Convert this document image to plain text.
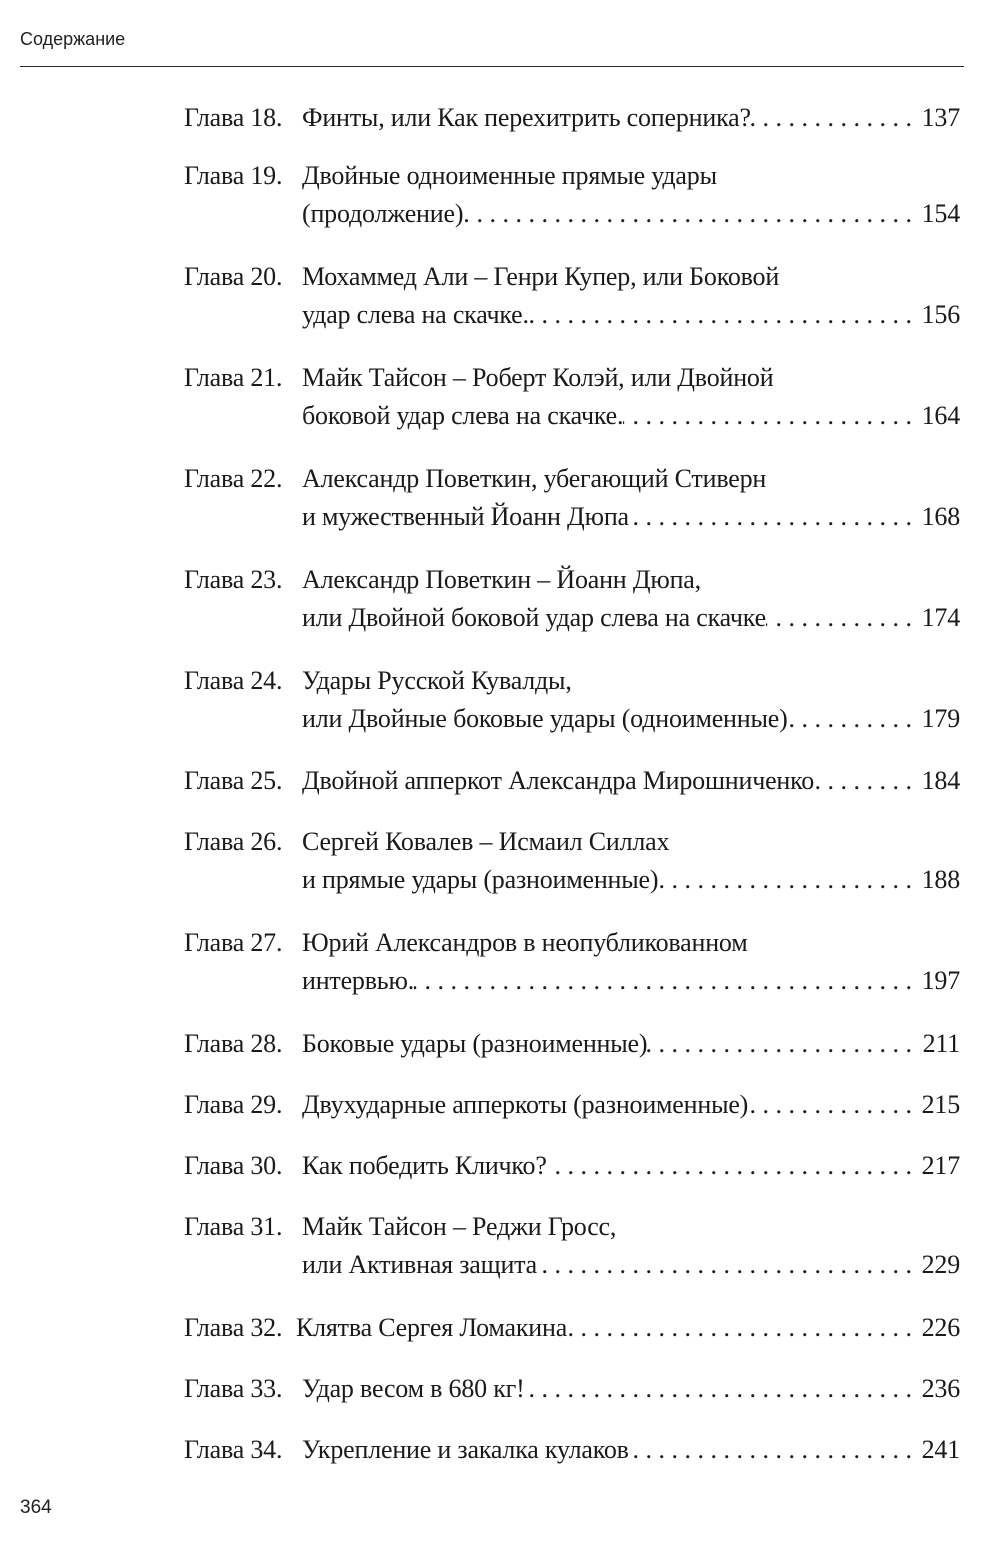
Содержание
Глава 18. Финты, или Как перехитрить соперника? . . .	137
Глава 19. Двойные одноименные прямые удары
(продолжение). . . .	154
Глава 20. Мохаммед Али – Генри Купер, или Боковой
удар слева на скачке. . . .	156
Глава 21. Майк Тайсон – Роберт Колэй, или Двойной
боковой удар слева на скачке. . . .	164
Глава 22. Александр Поветкин, убегающий Стиверн
и мужественный Йоанн Дюпа . . .	168
Глава 23. Александр Поветкин – Йоанн Дюпа,
или Двойной боковой удар слева на скачке . . .	174
Глава 24. Удары Русской Кувалды,
или Двойные боковые удары (одноименные) . . .	179
Глава 25. Двойной апперкот Александра Мирошниченко . . .	184
Глава 26. Сергей Ковалев – Исмаил Силлах
и прямые удары (разноименные) . . .	188
Глава 27. Юрий Александров в неопубликованном
интервью. . . .	197
Глава 28. Боковые удары (разноименные) . . .	211
Глава 29. Двухударные апперкоты (разноименные) . . .	215
Глава 30. Как победить Кличко? . . .	217
Глава 31. Майк Тайсон – Реджи Гросс,
или Активная защита . . .	229
Глава 32. Клятва Сергея Ломакина . . .	226
Глава 33. Удар весом в 680 кг! . . .	236
Глава 34. Укрепление и закалка кулаков . . .	241
364
